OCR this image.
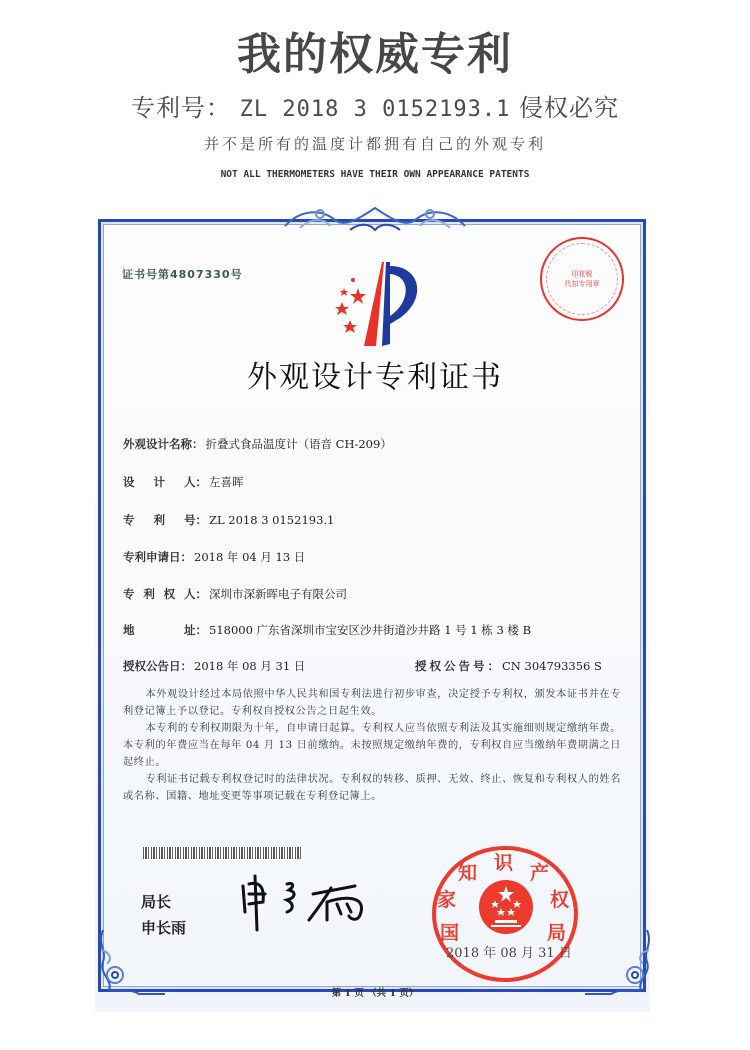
我的权威专利
专利号： ZL 2018 3 0152193.1 侵权必究
并不是所有的温度计都拥有自己的外观专利
NOT ALL THERMOMETERS HAVE THEIR OWN APPEARANCE PATENTS
证书号第4807330号	印花税
代扣专用章
外观设计专利证书
外观设计名称： 折叠式食品温度计（语音 CH-209）
设 计 人： 左喜晖
专 利 号： ZL 2018 3 0152193.1
专利申请日： 2018 年 04 月 13 日
专 利 权 人： 深圳市深新晖电子有限公司
地	址： 518000 广东省深圳市宝安区沙井街道沙井路 1 号 1 栋 3 楼 B
授权公告日： 2018 年 08 月 31 日	授权公告号：CN 304793356 S

本外观设计经过本局依照中华人民共和国专利法进行初步审查，决定授予专利权，颁发本证书并在专利登记簿上予以登记。专利权自授权公告之日起生效。

本专利的专利权期限为十年，自申请日起算。专利权人应当依照专利法及其实施细则规定缴纳年费。本专利的年费应当在每年 04 月 13 日前缴纳。未按照规定缴纳年费的，专利权自应当缴纳年费期满之日起终止。

专利证书记载专利权登记时的法律状况。专利权的转移、质押、无效、终止、恢复和专利权人的姓名或名称、国籍、地址变更等事项记载在专利登记簿上。

局长
申长雨	国
家
知 识 产
权
局
2018 年 08 月 31 日
第 1 页 （共 1 页）
